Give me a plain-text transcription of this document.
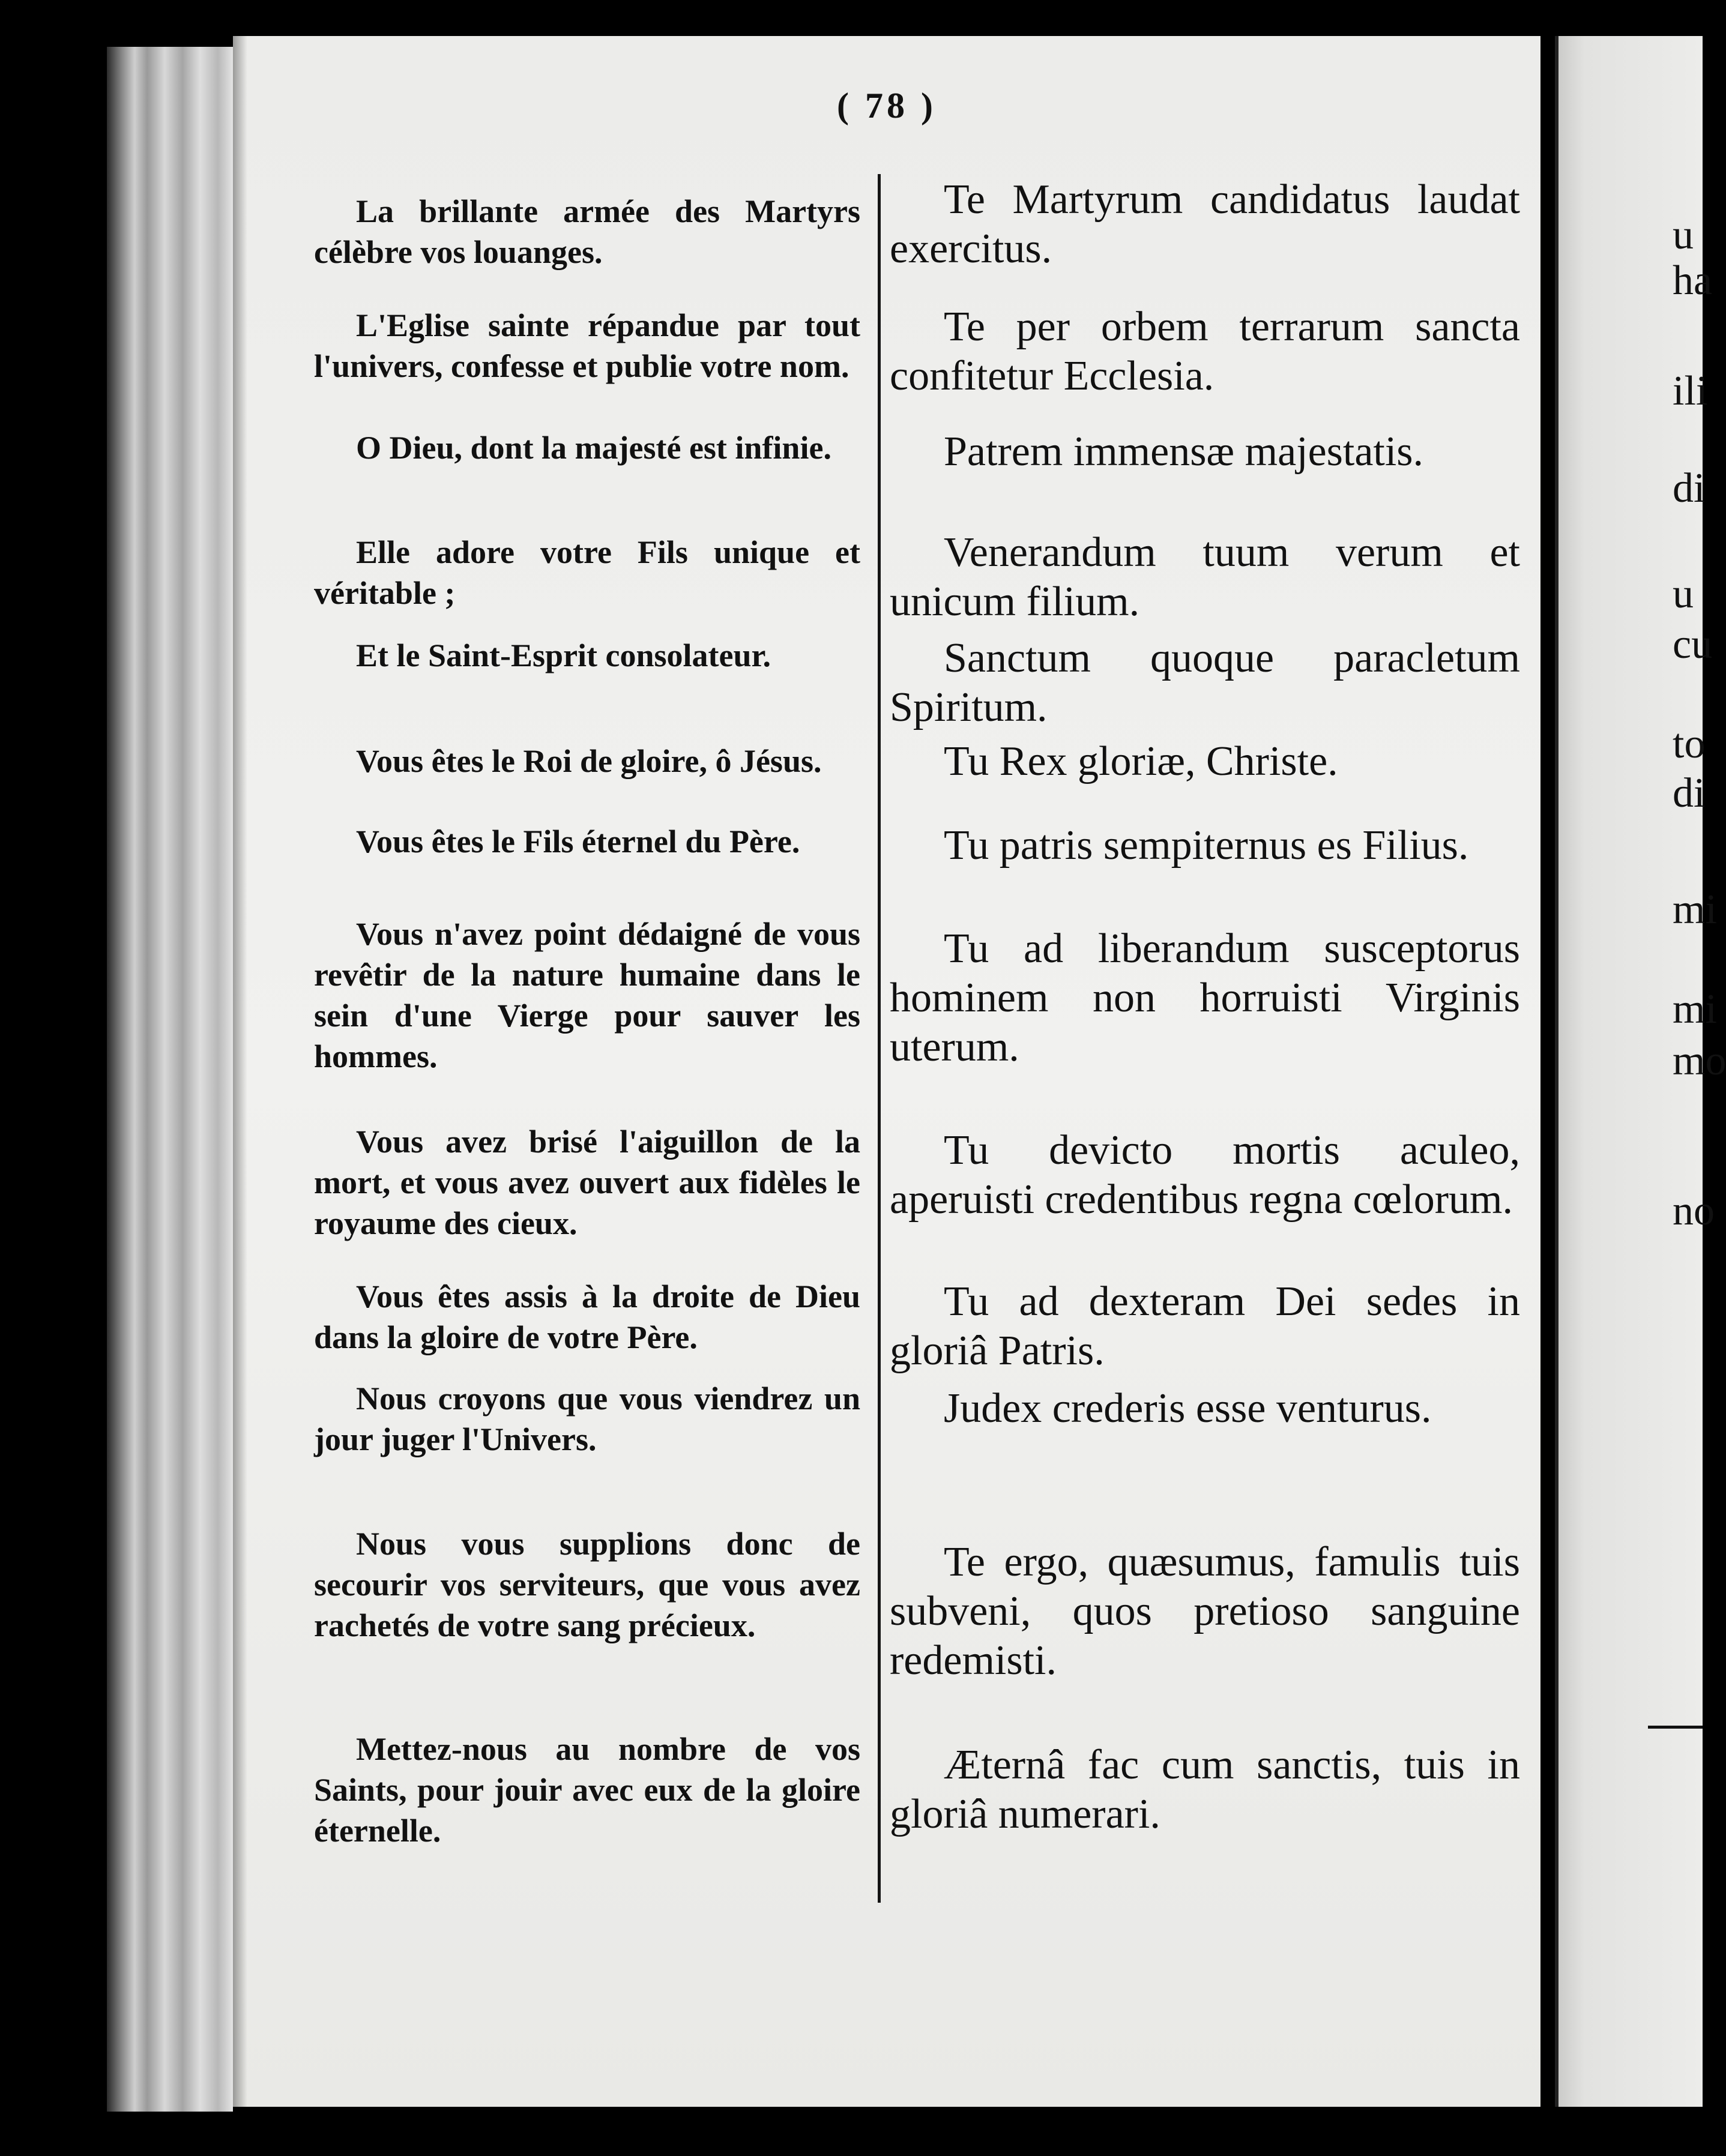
( 78 )

La brillante armée des Martyrs célèbre vos louanges.

L'Eglise sainte répandue par tout l'univers, confesse et publie votre nom.

O Dieu, dont la majesté est infinie.

Elle adore votre Fils unique et véritable ;

Et le Saint-Esprit consolateur.

Vous êtes le Roi de gloire, ô Jésus.

Vous êtes le Fils éternel du Père.

Vous n'avez point dédaigné de vous revêtir de la nature humaine dans le sein d'une Vierge pour sauver les hommes.

Vous avez brisé l'aiguillon de la mort, et vous avez ouvert aux fidèles le royaume des cieux.

Vous êtes assis à la droite de Dieu dans la gloire de votre Père.

Nous croyons que vous viendrez un jour juger l'Univers.

Nous vous supplions donc de secourir vos serviteurs, que vous avez rachetés de votre sang précieux.

Mettez-nous au nombre de vos Saints, pour jouir avec eux de la gloire éternelle.

Te Martyrum candidatus laudat exercitus.

Te per orbem terrarum sancta confitetur Ecclesia.

Patrem immensæ majestatis.

Venerandum tuum verum et unicum filium.

Sanctum quoque paracletum Spiritum.

Tu Rex gloriæ, Christe.

Tu patris sempiternus es Filius.

Tu ad liberandum susceptorus hominem non horruisti Virginis uterum.

Tu devicto mortis aculeo, aperuisti credentibus regna cœlorum.

Tu ad dexteram Dei sedes in gloriâ Patris.

Judex crederis esse venturus.

Te ergo, quæsumus, famulis tuis subveni, quos pretioso sanguine redemisti.

Æternâ fac cum sanctis, tuis in gloriâ numerari.

u
ha
ili
di
u
cu
to
di
mi
mi
mo
no
